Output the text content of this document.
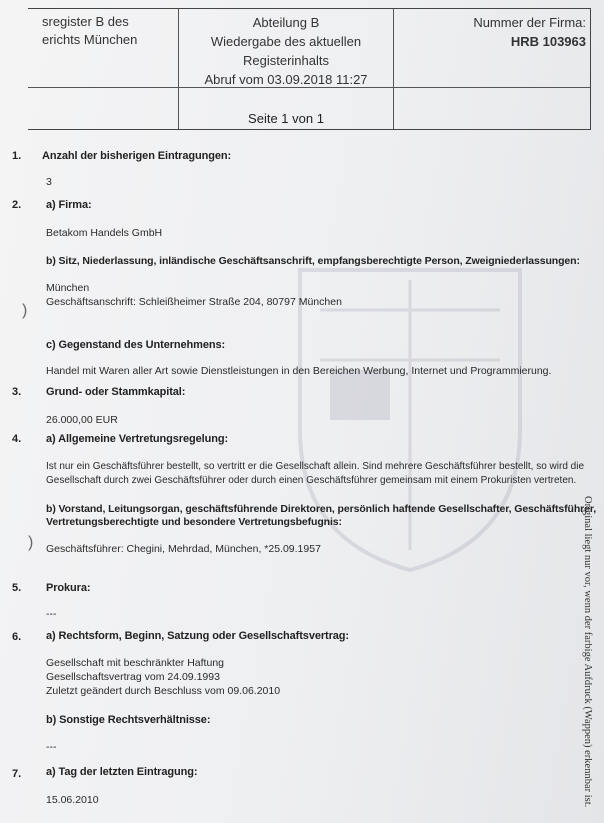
sregister B des
erichts München
Abteilung B
Wiedergabe des aktuellen
Registerinhalts
Abruf vom 03.09.2018 11:27
Nummer der Firma:
HRB 103963
Seite 1 von 1
1. Anzahl der bisherigen Eintragungen:
3
2. a) Firma:
Betakom Handels GmbH
b) Sitz, Niederlassung, inländische Geschäftsanschrift, empfangsberechtigte Person, Zweigniederlassungen:
München
Geschäftsanschrift: Schleißheimer Straße 204, 80797 München
)
c) Gegenstand des Unternehmens:
Handel mit Waren aller Art sowie Dienstleistungen in den Bereichen Werbung, Internet und Programmierung.
3. Grund- oder Stammkapital:
26.000,00 EUR
4. a) Allgemeine Vertretungsregelung:
Ist nur ein Geschäftsführer bestellt, so vertritt er die Gesellschaft allein. Sind mehrere Geschäftsführer bestellt, so wird die
Gesellschaft durch zwei Geschäftsführer oder durch einen Geschäftsführer gemeinsam mit einem Prokuristen vertreten.
b) Vorstand, Leitungsorgan, geschäftsführende Direktoren, persönlich haftende Gesellschafter, Geschäftsführer,
Vertretungsberechtigte und besondere Vertretungsbefugnis:
) Geschäftsführer: Chegini, Mehrdad, München, *25.09.1957
5. Prokura:
---
6. a) Rechtsform, Beginn, Satzung oder Gesellschaftsvertrag:
Gesellschaft mit beschränkter Haftung
Gesellschaftsvertrag vom 24.09.1993
Zuletzt geändert durch Beschluss vom 09.06.2010
b) Sonstige Rechtsverhältnisse:
---
7. a) Tag der letzten Eintragung:
15.06.2010	Original liegt nur vor, wenn der farbige Aufdruck (Wappen) erkennbar ist.
